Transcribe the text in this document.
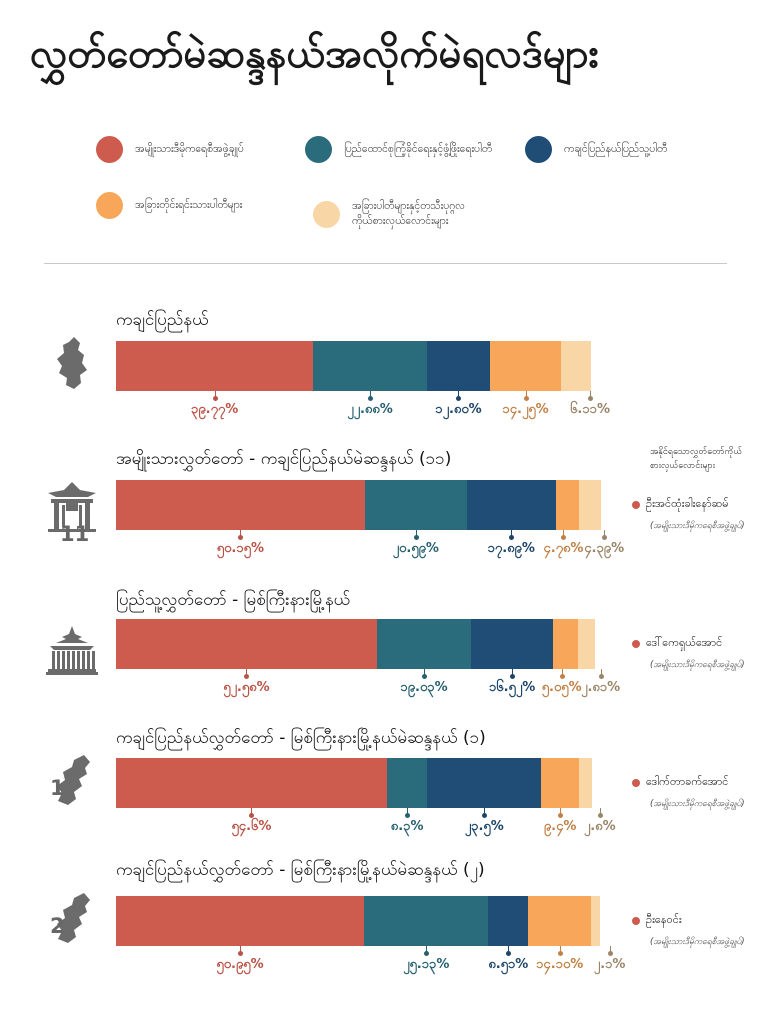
လွှတ်တော်မဲဆန္ဒနယ်အလိုက်မဲရလဒ်များ
အမျိုးသားဒီမိုကရေစီအဖွဲ့ချုပ်	ပြည်ထောင်စုကြံ့ခိုင်ရေးနှင့်ဖွံ့ဖြိုးရေးပါတီ	ကချင်ပြည်နယ်ပြည်သူ့ပါတီ
အခြားတိုင်းရင်းသားပါတီများ	အခြားပါတီများနှင့်တသီးပုဂ္ဂလ
ကိုယ်စားလှယ်လောင်းများ
အနိုင်ရသောလွှတ်တော်ကိုယ်
စားလှယ်လောင်းများ
ကချင်ပြည်နယ်
၃၉.၇၇%	၂၂.၈၈%	၁၂.၈၀% ၁၄.၂၅% ၆.၁၁%
အမျိုးသားလွှတ်တော် - ကချင်ပြည်နယ်မဲဆန္ဒနယ် (၁၁)
11
၅၀.၁၅%	၂၀.၅၉%	၁၇.၈၉% ၄.၇၈% ၄.၃၉%
ဦးအင်ထုံးခါးနော်ဆမ်
(အမျိုးသားဒီမိုကရေစီအဖွဲ့ချုပ်)
ပြည်သူ့လွှတ်တော် - မြစ်ကြီးနားမြို့နယ်
၅၂.၅၈%	၁၉.၀၃%	၁၆.၅၂% ၅.၀၅% ၂.၈၁%
ဒေါ်ကေရှယ်အောင်
(အမျိုးသားဒီမိုကရေစီအဖွဲ့ချုပ်)
ကချင်ပြည်နယ်လွှတ်တော် - မြစ်ကြီးနားမြို့နယ်မဲဆန္ဒနယ် (၁)
1
၅၄.၆%	၈.၃%	၂၃.၅%	၉.၄% ၂.၈%
ဒေါက်တာခက်အောင်
(အမျိုးသားဒီမိုကရေစီအဖွဲ့ချုပ်)
ကချင်ပြည်နယ်လွှတ်တော် - မြစ်ကြီးနားမြို့နယ်မဲဆန္ဒနယ် (၂)
2
၅၀.၉၅%	၂၅.၁၃%	၈.၅၁% ၁၄.၁၀% ၂.၁%
ဦးနေဝင်း
(အမျိုးသားဒီမိုကရေစီအဖွဲ့ချုပ်)
